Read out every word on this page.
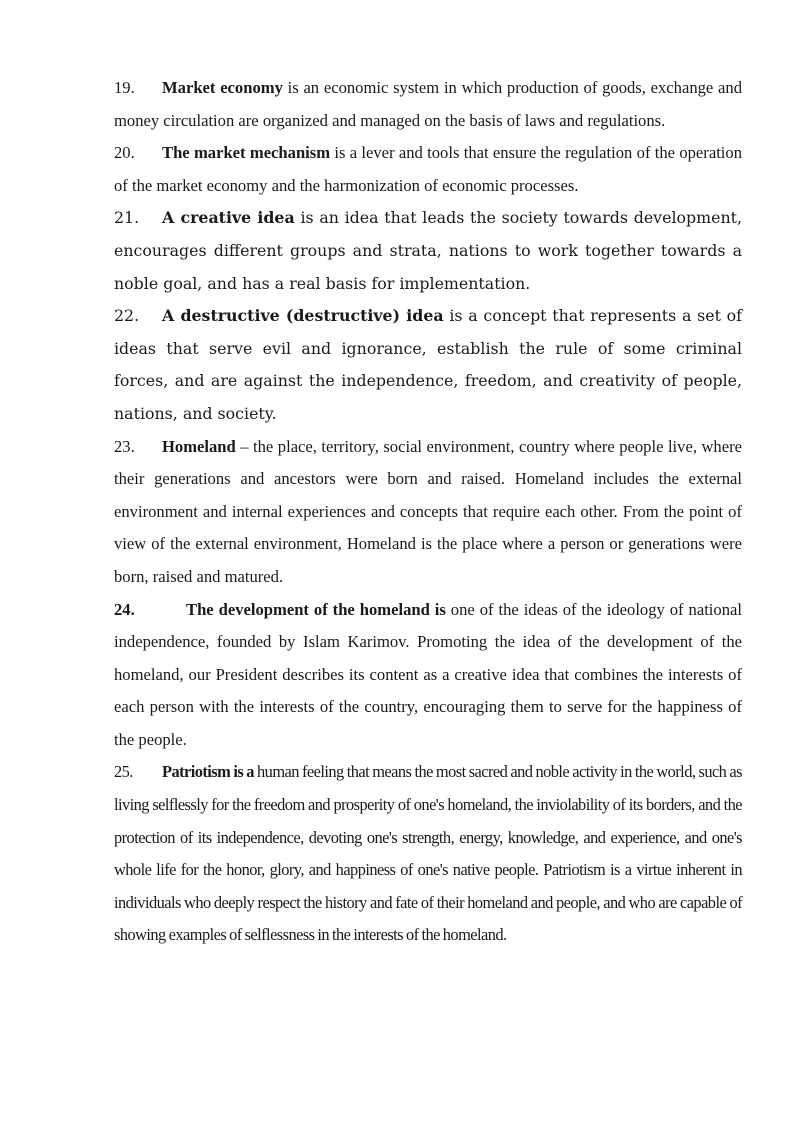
19. Market economy is an economic system in which production of goods, exchange and money circulation are organized and managed on the basis of laws and regulations.

20. The market mechanism is a lever and tools that ensure the regulation of the operation of the market economy and the harmonization of economic processes.

21. A creative idea is an idea that leads the society towards development, encourages different groups and strata, nations to work together towards a noble goal, and has a real basis for implementation.

22. A destructive (destructive) idea is a concept that represents a set of ideas that serve evil and ignorance, establish the rule of some criminal forces, and are against the independence, freedom, and creativity of people, nations, and society.

23. Homeland – the place, territory, social environment, country where people live, where their generations and ancestors were born and raised. Homeland includes the external environment and internal experiences and concepts that require each other. From the point of view of the external environment, Homeland is the place where a person or generations were born, raised and matured.

24.	The development of the homeland is one of the ideas of the ideology of national independence, founded by Islam Karimov. Promoting the idea of the development of the homeland, our President describes its content as a creative idea that combines the interests of each person with the interests of the country, encouraging them to serve for the happiness of the people.

25. Patriotism is a human feeling that means the most sacred and noble activity in the world, such as living selflessly for the freedom and prosperity of one's homeland, the inviolability of its borders, and the protection of its independence, devoting one's strength, energy, knowledge, and experience, and one's whole life for the honor, glory, and happiness of one's native people. Patriotism is a virtue inherent in individuals who deeply respect the history and fate of their homeland and people, and who are capable of showing examples of selflessness in the interests of the homeland.
